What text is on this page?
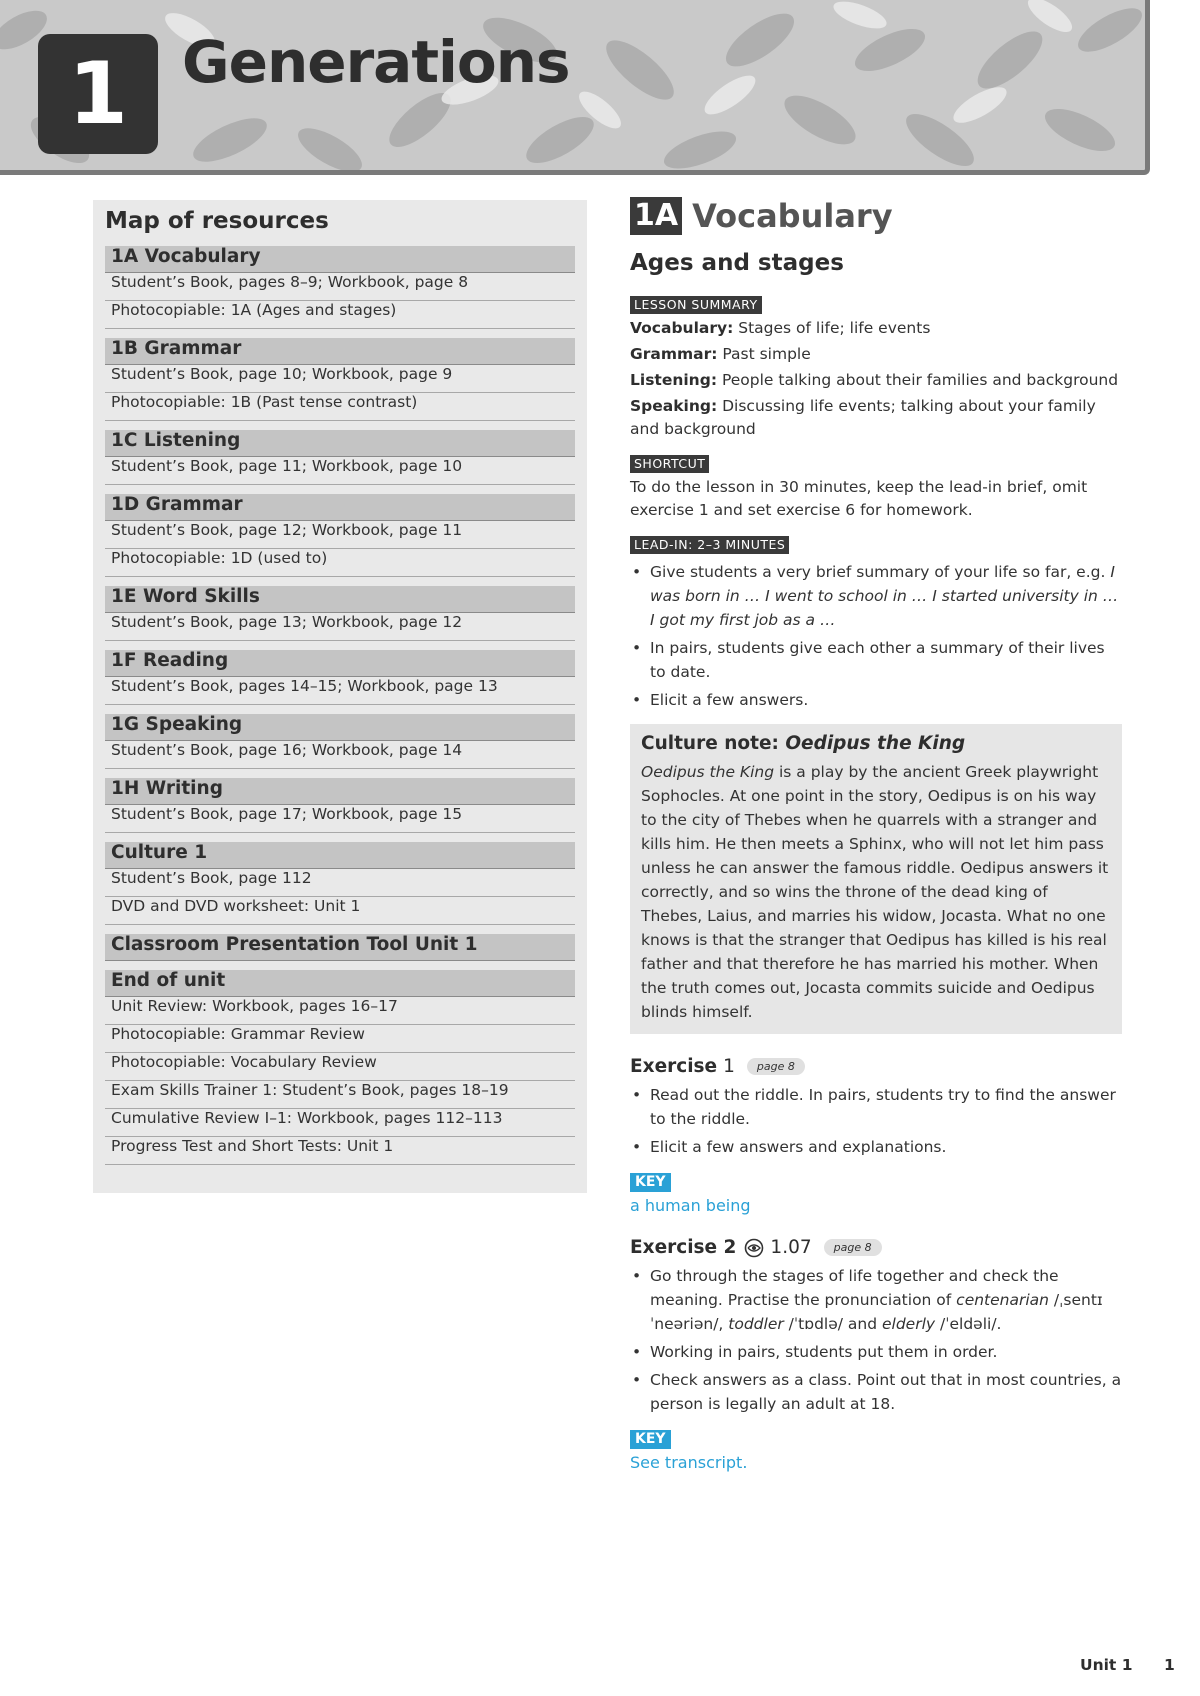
1 Generations
Map of resources
1A Vocabulary
Student’s Book, pages 8–9; Workbook, page 8
Photocopiable: 1A (Ages and stages)
1B Grammar
Student’s Book, page 10; Workbook, page 9
Photocopiable: 1B (Past tense contrast)
1C Listening
Student’s Book, page 11; Workbook, page 10
1D Grammar
Student’s Book, page 12; Workbook, page 11
Photocopiable: 1D (used to)
1E Word Skills
Student’s Book, page 13; Workbook, page 12
1F Reading
Student’s Book, pages 14–15; Workbook, page 13
1G Speaking
Student’s Book, page 16; Workbook, page 14
1H Writing
Student’s Book, page 17; Workbook, page 15
Culture 1
Student’s Book, page 112
DVD and DVD worksheet: Unit 1
Classroom Presentation Tool Unit 1
End of unit
Unit Review: Workbook, pages 16–17
Photocopiable: Grammar Review
Photocopiable: Vocabulary Review
Exam Skills Trainer 1: Student’s Book, pages 18–19
Cumulative Review I–1: Workbook, pages 112–113
Progress Test and Short Tests: Unit 1
1A Vocabulary
Ages and stages
LESSON SUMMARY
Vocabulary: Stages of life; life events
Grammar: Past simple
Listening: People talking about their families and background
Speaking: Discussing life events; talking about your family and background
SHORTCUT
To do the lesson in 30 minutes, keep the lead-in brief, omit exercise 1 and set exercise 6 for homework.
LEAD-IN: 2–3 MINUTES
• Give students a very brief summary of your life so far, e.g. I was born in … I went to school in … I started university in … I got my first job as a …
• In pairs, students give each other a summary of their lives to date.
• Elicit a few answers.
Culture note: Oedipus the King
Oedipus the King is a play by the ancient Greek playwright Sophocles. At one point in the story, Oedipus is on his way to the city of Thebes when he quarrels with a stranger and kills him. He then meets a Sphinx, who will not let him pass unless he can answer the famous riddle. Oedipus answers it correctly, and so wins the throne of the dead king of Thebes, Laius, and marries his widow, Jocasta. What no one knows is that the stranger that Oedipus has killed is his real father and that therefore he has married his mother. When the truth comes out, Jocasta commits suicide and Oedipus blinds himself.
Exercise 1	page 8
• Read out the riddle. In pairs, students try to find the answer to the riddle.
• Elicit a few answers and explanations.
KEY
a human being
Exercise 2 1.07	page 8
• Go through the stages of life together and check the meaning. Practise the pronunciation of centenarian /ˌsentɪˈneəriən/, toddler /ˈtɒdlə/ and elderly /ˈeldəli/.
• Working in pairs, students put them in order.
• Check answers as a class. Point out that in most countries, a person is legally an adult at 18.
KEY
See transcript.
Unit 1 1
